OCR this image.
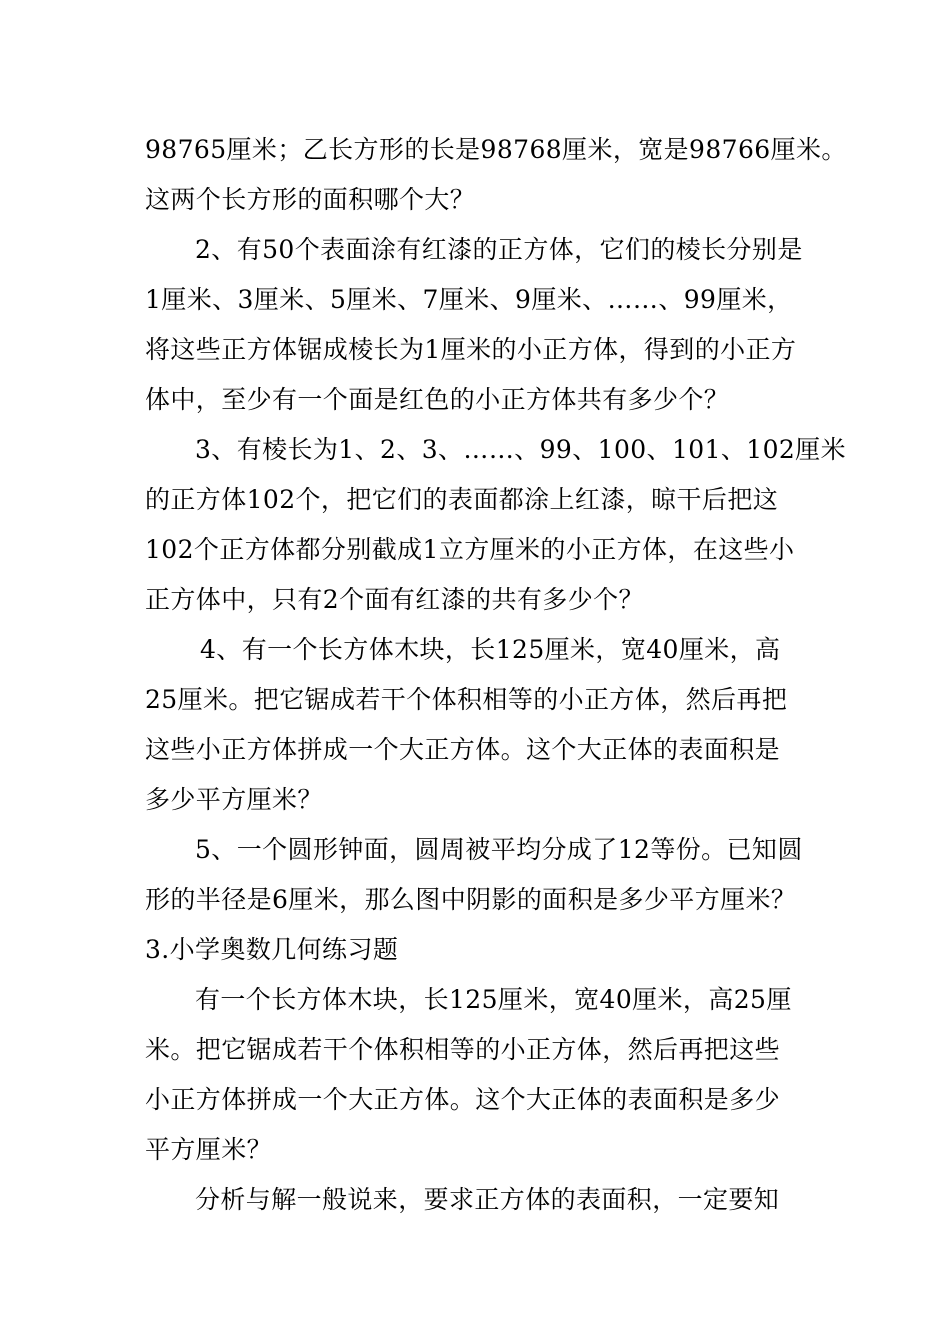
98765厘米；乙长方形的长是98768厘米，宽是98766厘米。
这两个长方形的面积哪个大？
2、有50个表面涂有红漆的正方体，它们的棱长分别是
1厘米、3厘米、5厘米、7厘米、9厘米、……、99厘米，
将这些正方体锯成棱长为1厘米的小正方体，得到的小正方
体中，至少有一个面是红色的小正方体共有多少个？
3、有棱长为1、2、3、……、99、100、101、102厘米
的正方体102个，把它们的表面都涂上红漆，晾干后把这
102个正方体都分别截成1立方厘米的小正方体，在这些小
正方体中，只有2个面有红漆的共有多少个？
4、有一个长方体木块，长125厘米，宽40厘米，高
25厘米。把它锯成若干个体积相等的小正方体，然后再把
这些小正方体拼成一个大正方体。这个大正体的表面积是
多少平方厘米？
5、一个圆形钟面，圆周被平均分成了12等份。已知圆
形的半径是6厘米，那么图中阴影的面积是多少平方厘米？
3.小学奥数几何练习题
有一个长方体木块，长125厘米，宽40厘米，高25厘
米。把它锯成若干个体积相等的小正方体，然后再把这些
小正方体拼成一个大正方体。这个大正体的表面积是多少
平方厘米？
分析与解一般说来，要求正方体的表面积，一定要知
